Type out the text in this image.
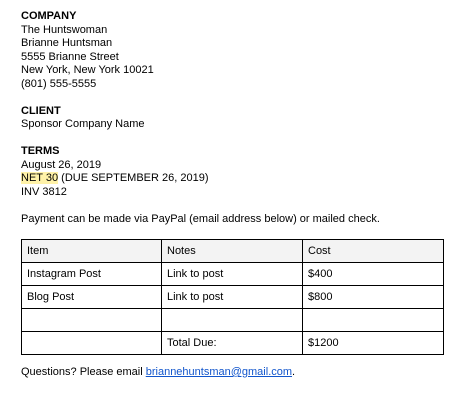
COMPANY
The Huntswoman
Brianne Huntsman
5555 Brianne Street
New York, New York 10021
(801) 555-5555
CLIENT
Sponsor Company Name
TERMS
August 26, 2019
NET 30 (DUE SEPTEMBER 26, 2019)
INV 3812
Payment can be made via PayPal (email address below) or mailed check.
Item	Notes	Cost
Instagram Post	Link to post	$400
Blog Post	Link to post	$800

	Total Due:	$1200
Questions? Please email briannehuntsman@gmail.com.
